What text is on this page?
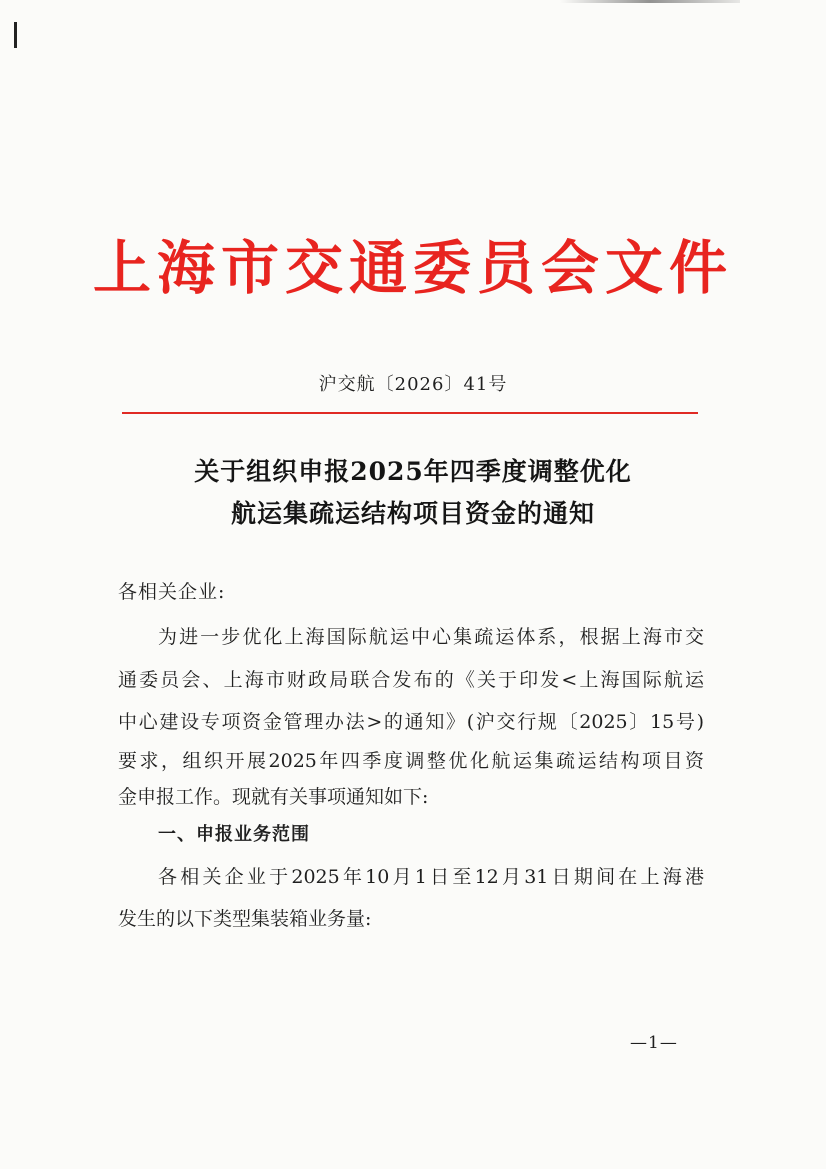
上海市交通委员会文件
沪交航〔2026〕41号
关于组织申报2025年四季度调整优化
航运集疏运结构项目资金的通知
各相关企业:
为进一步优化上海国际航运中心集疏运体系，根据上海市交
通委员会、上海市财政局联合发布的《关于印发<上海国际航运
中心建设专项资金管理办法>的通知》(沪交行规〔2025〕15号)
要求，组织开展2025年四季度调整优化航运集疏运结构项目资
金申报工作。现就有关事项通知如下:
一、申报业务范围
各相关企业于2025年10月1日至12月31日期间在上海港
发生的以下类型集装箱业务量:
—1—
